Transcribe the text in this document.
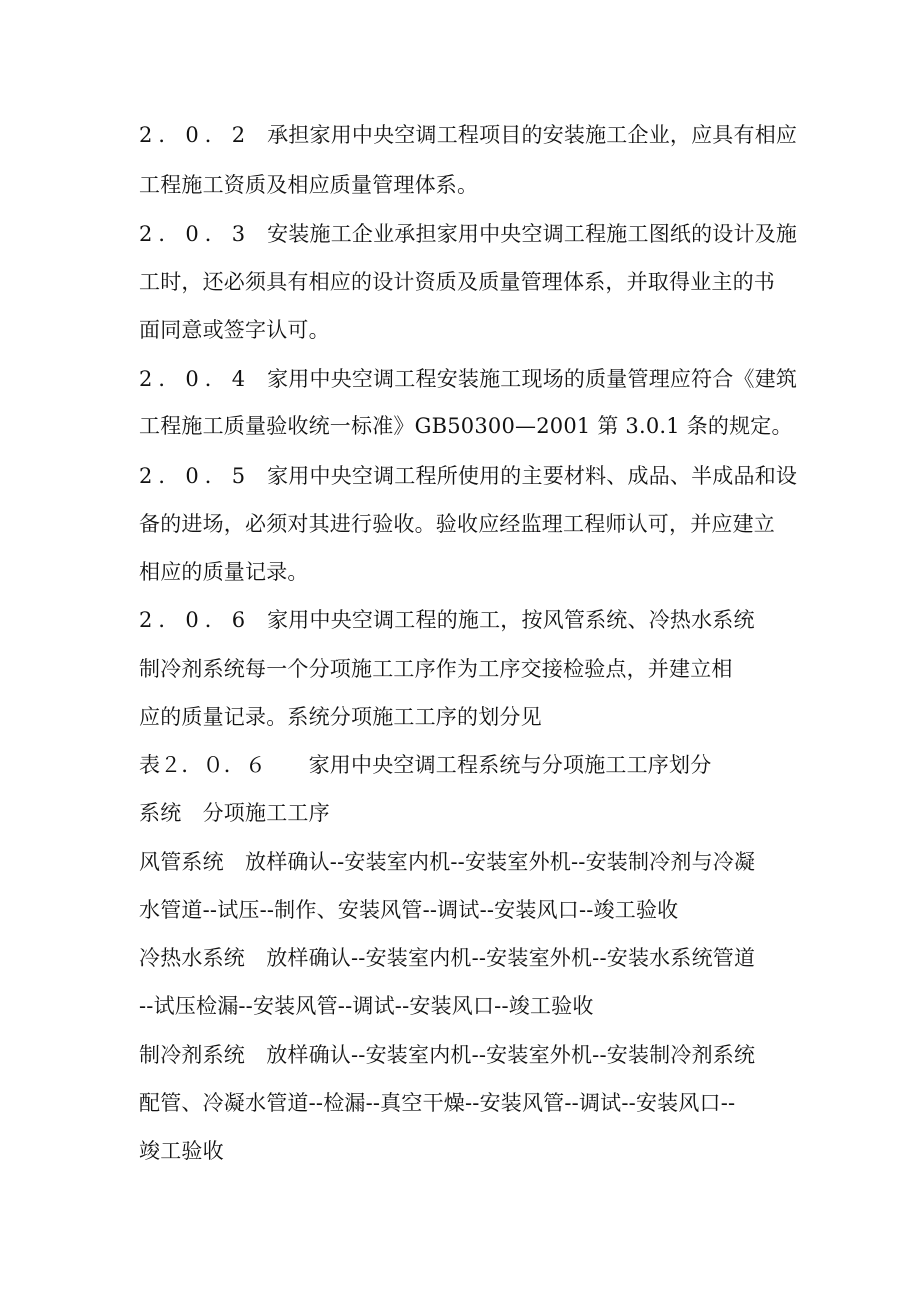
2．0．2 承担家用中央空调工程项目的安装施工企业，应具有相应
工程施工资质及相应质量管理体系。
2．0．3 安装施工企业承担家用中央空调工程施工图纸的设计及施
工时，还必须具有相应的设计资质及质量管理体系，并取得业主的书
面同意或签字认可。
2．0．4 家用中央空调工程安装施工现场的质量管理应符合《建筑
工程施工质量验收统一标准》GB50300—2001 第 3.0.1 条的规定。
2．0．5 家用中央空调工程所使用的主要材料、成品、半成品和设
备的进场，必须对其进行验收。验收应经监理工程师认可，并应建立
相应的质量记录。
2．0．6 家用中央空调工程的施工，按风管系统、冷热水系统
制冷剂系统每一个分项施工工序作为工序交接检验点，并建立相
应的质量记录。系统分项施工工序的划分见
表２．０．６　　家用中央空调工程系统与分项施工工序划分
系统　分项施工工序
风管系统　放样确认--安装室内机--安装室外机--安装制冷剂与冷凝
水管道--试压--制作、安装风管--调试--安装风口--竣工验收
冷热水系统　放样确认--安装室内机--安装室外机--安装水系统管道
--试压检漏--安装风管--调试--安装风口--竣工验收
制冷剂系统　放样确认--安装室内机--安装室外机--安装制冷剂系统
配管、冷凝水管道--检漏--真空干燥--安装风管--调试--安装风口--
竣工验收
